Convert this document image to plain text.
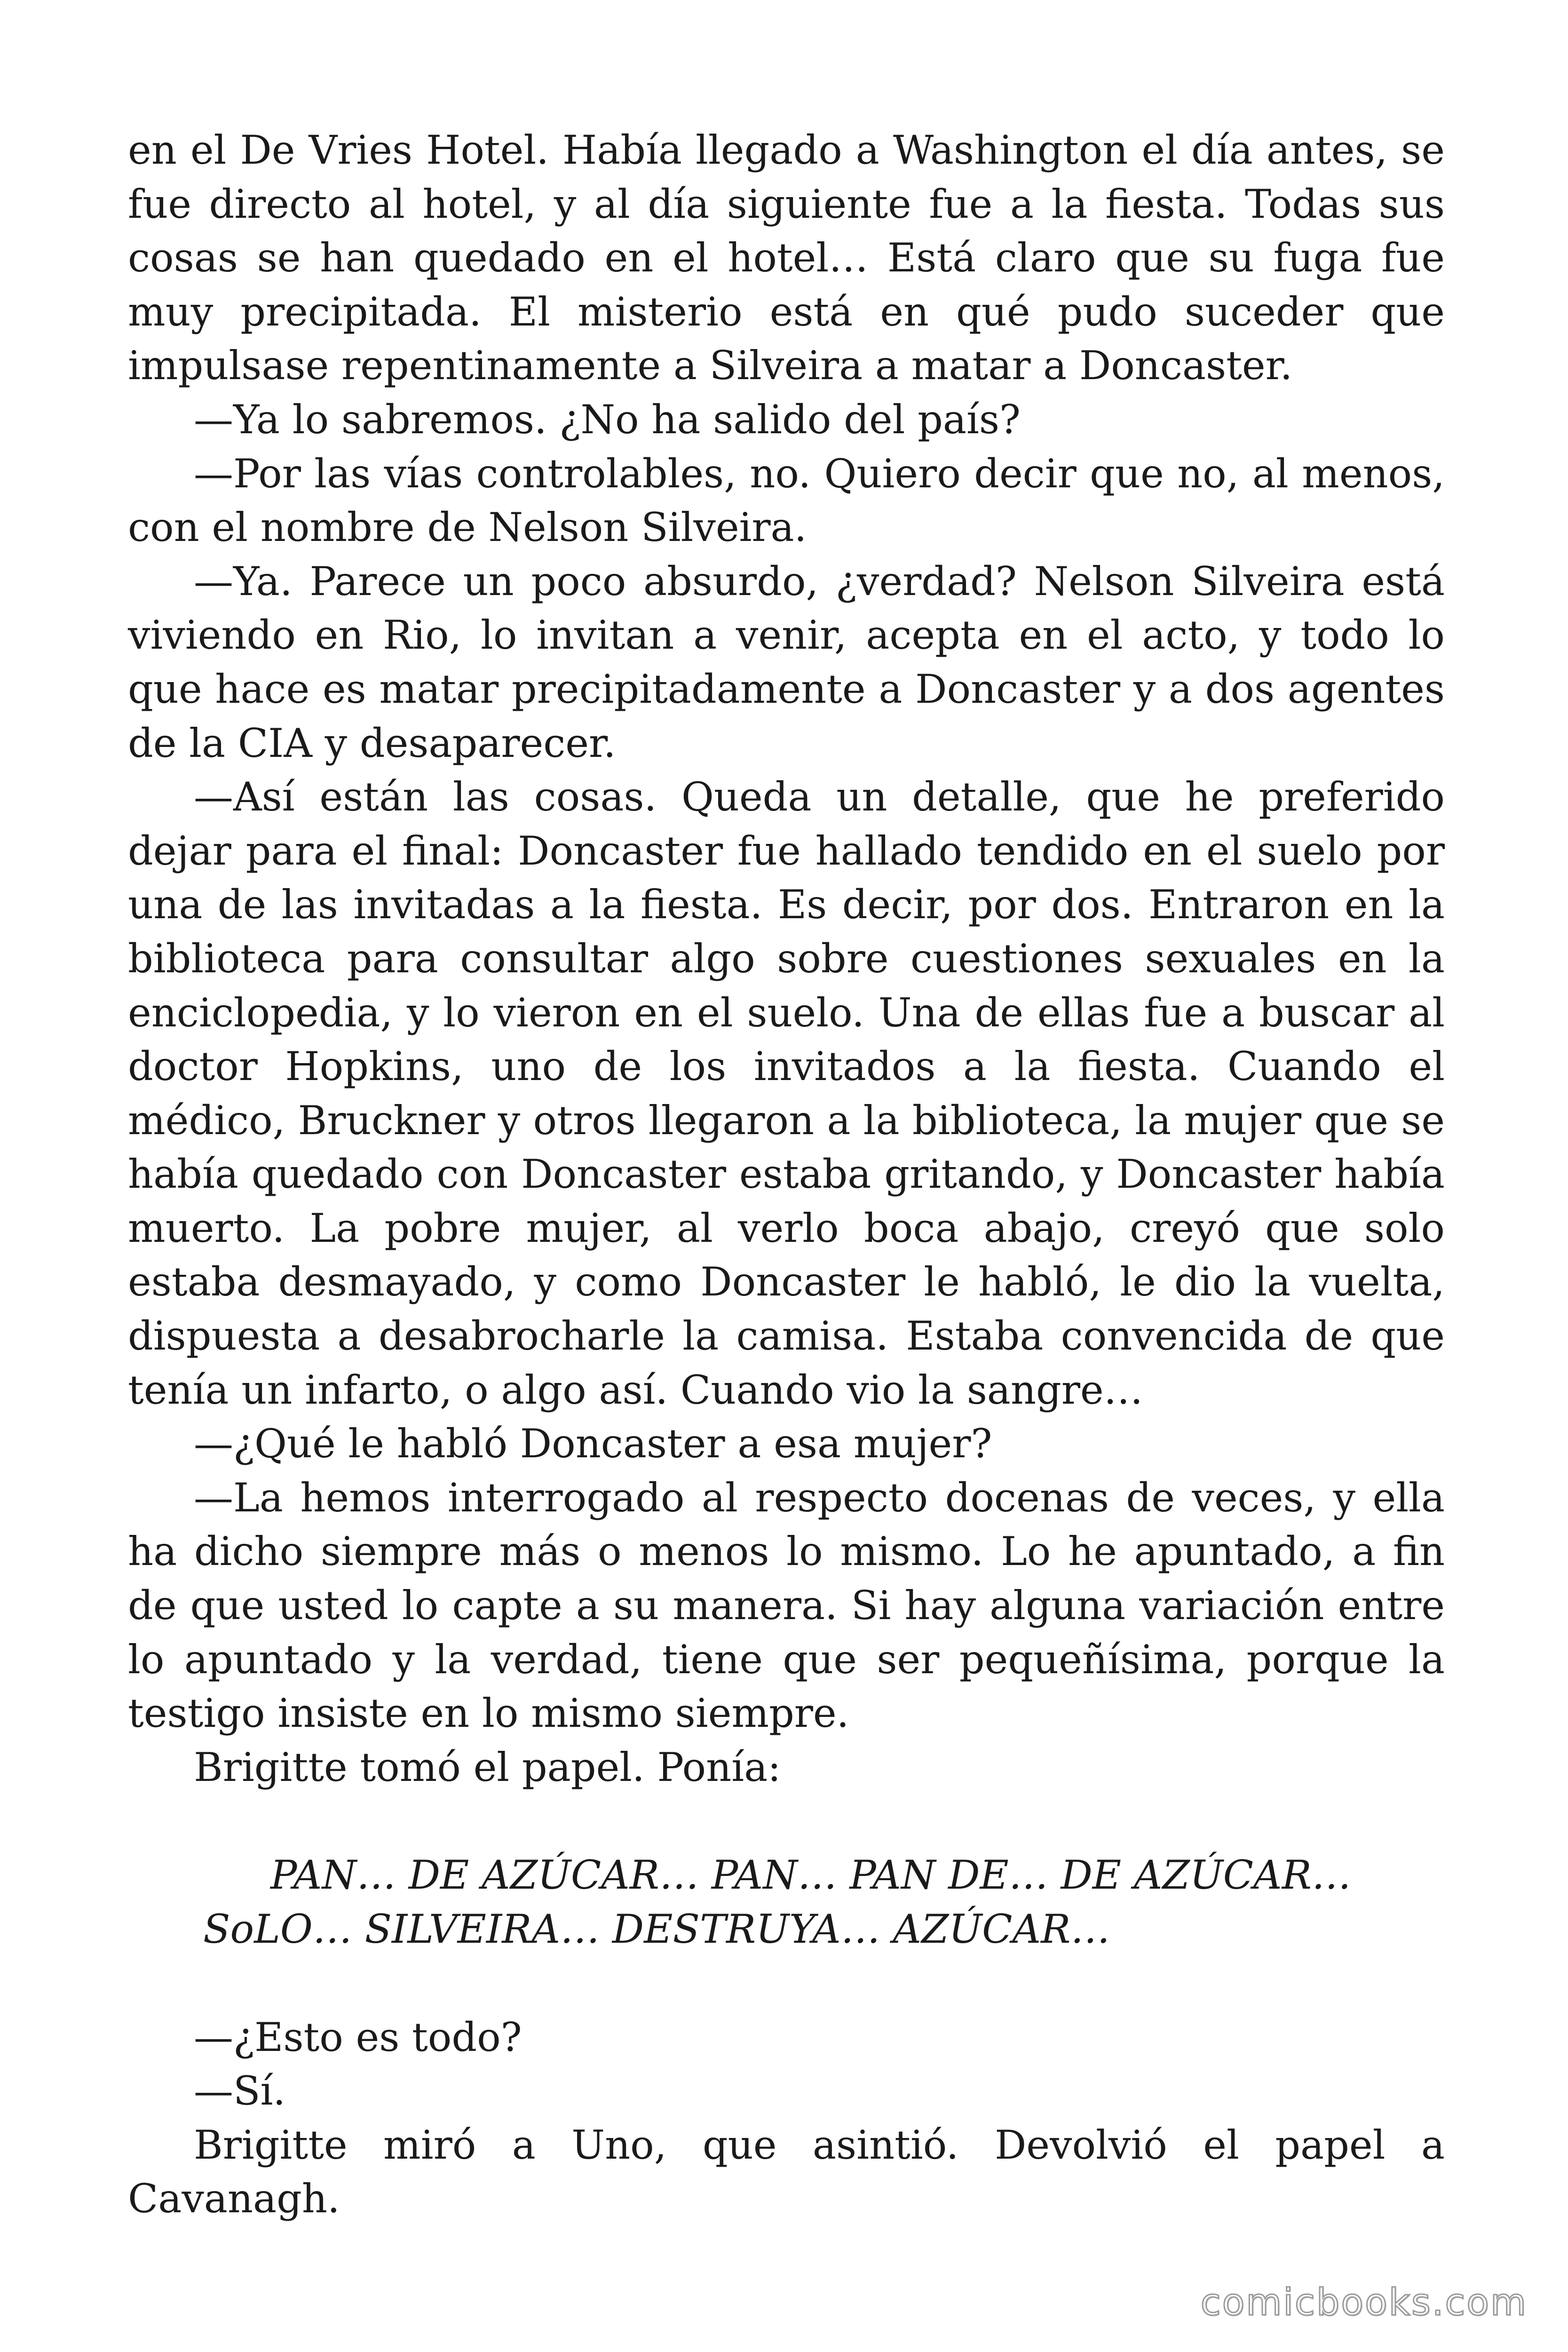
en el De Vries Hotel. Había llegado a Washington el día antes, se fue directo al hotel, y al día siguiente fue a la fiesta. Todas sus cosas se han quedado en el hotel… Está claro que su fuga fue muy precipitada. El misterio está en qué pudo suceder que impulsase repentinamente a Silveira a matar a Doncaster.

—Ya lo sabremos. ¿No ha salido del país?

—Por las vías controlables, no. Quiero decir que no, al menos, con el nombre de Nelson Silveira.

—Ya. Parece un poco absurdo, ¿verdad? Nelson Silveira está viviendo en Rio, lo invitan a venir, acepta en el acto, y todo lo que hace es matar precipitadamente a Doncaster y a dos agentes de la CIA y desaparecer.

—Así están las cosas. Queda un detalle, que he preferido dejar para el final: Doncaster fue hallado tendido en el suelo por una de las invitadas a la fiesta. Es decir, por dos. Entraron en la biblioteca para consultar algo sobre cuestiones sexuales en la enciclopedia, y lo vieron en el suelo. Una de ellas fue a buscar al doctor Hopkins, uno de los invitados a la fiesta. Cuando el médico, Bruckner y otros llegaron a la biblioteca, la mujer que se había quedado con Doncaster estaba gritando, y Doncaster había muerto. La pobre mujer, al verlo boca abajo, creyó que solo estaba desmayado, y como Doncaster le habló, le dio la vuelta, dispuesta a desabrocharle la camisa. Estaba convencida de que tenía un infarto, o algo así. Cuando vio la sangre…

—¿Qué le habló Doncaster a esa mujer?

—La hemos interrogado al respecto docenas de veces, y ella ha dicho siempre más o menos lo mismo. Lo he apuntado, a fin de que usted lo capte a su manera. Si hay alguna variación entre lo apuntado y la verdad, tiene que ser pequeñísima, porque la testigo insiste en lo mismo siempre.

Brigitte tomó el papel. Ponía:

PAN… DE AZÚCAR… PAN… PAN DE… DE AZÚCAR…

SoLO… SILVEIRA… DESTRUYA… AZÚCAR…

—¿Esto es todo?

—Sí.

Brigitte miró a Uno, que asintió. Devolvió el papel a Cavanagh.

comicbooks.com
